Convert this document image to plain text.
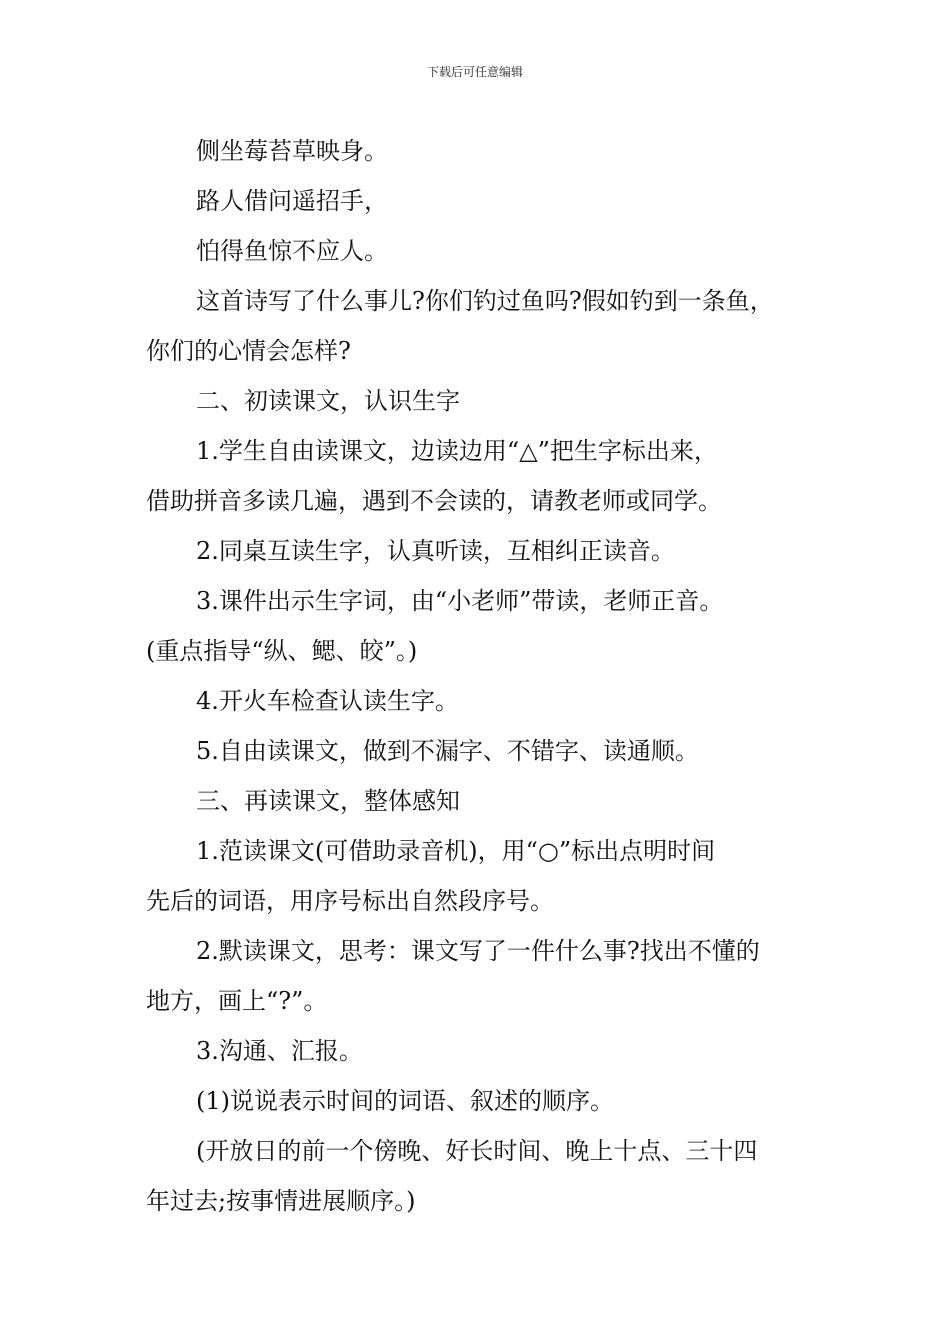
下载后可任意编辑
侧坐莓苔草映身。
路人借问遥招手，
怕得鱼惊不应人。
这首诗写了什么事儿?你们钓过鱼吗?假如钓到一条鱼，
你们的心情会怎样?
二、初读课文，认识生字
1.学生自由读课文，边读边用“△”把生字标出来，
借助拼音多读几遍，遇到不会读的，请教老师或同学。
2.同桌互读生字，认真听读，互相纠正读音。
3.课件出示生字词，由“小老师”带读，老师正音。
(重点指导“纵、鳃、皎”。)
4.开火车检查认读生字。
5.自由读课文，做到不漏字、不错字、读通顺。
三、再读课文，整体感知
1.范读课文(可借助录音机)，用“○”标出点明时间
先后的词语，用序号标出自然段序号。
2.默读课文，思考：课文写了一件什么事?找出不懂的
地方，画上“?”。
3.沟通、汇报。
(1)说说表示时间的词语、叙述的顺序。
(开放日的前一个傍晚、好长时间、晚上十点、三十四
年过去;按事情进展顺序。)
